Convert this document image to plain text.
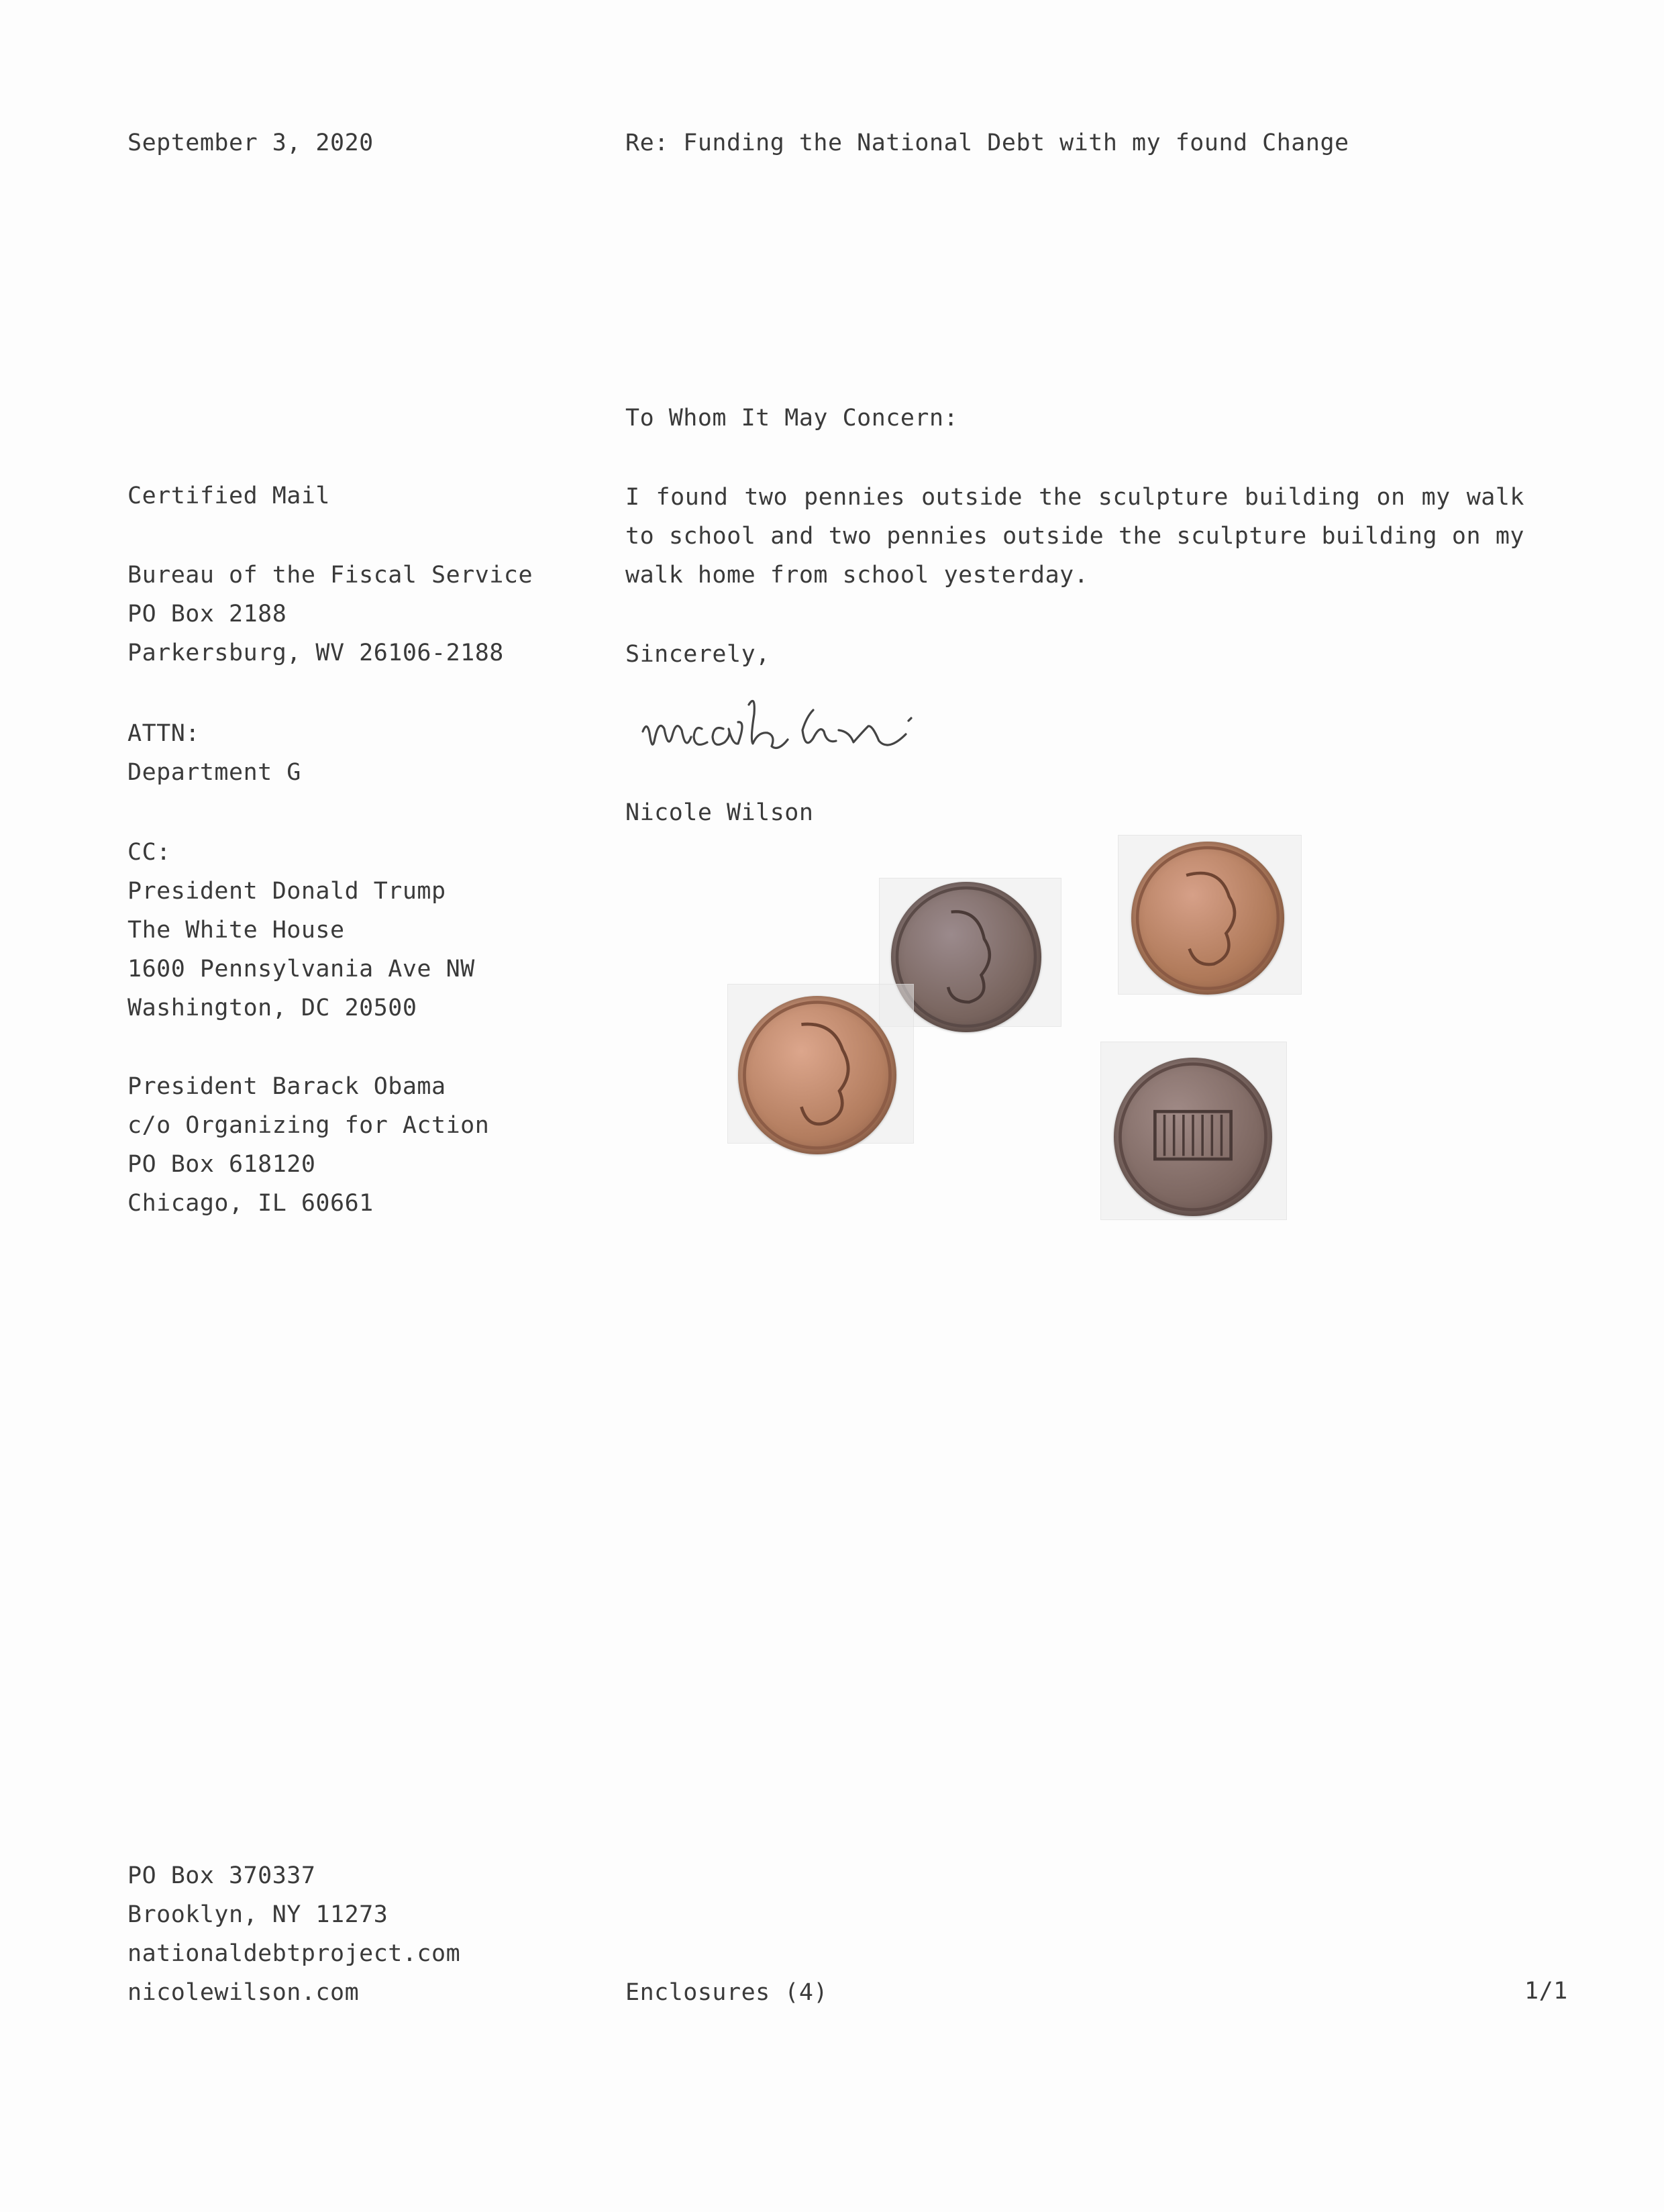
September 3, 2020	Re: Funding the National Debt with my found Change
To Whom It May Concern:
Certified Mail
Bureau of the Fiscal Service
PO Box 2188
Parkersburg, WV 26106-2188
ATTN:
Department G
CC:
President Donald Trump
The White House
1600 Pennsylvania Ave NW
Washington, DC 20500
President Barack Obama
c/o Organizing for Action
PO Box 618120
Chicago, IL 60661
I found two pennies outside the sculpture building on my walk to school and two pennies outside the sculpture building on my walk home from school yesterday.
Sincerely,
Nicole Wilson
PO Box 370337
Brooklyn, NY 11273
nationaldebtproject.com
nicolewilson.com	Enclosures (4)	1/1
